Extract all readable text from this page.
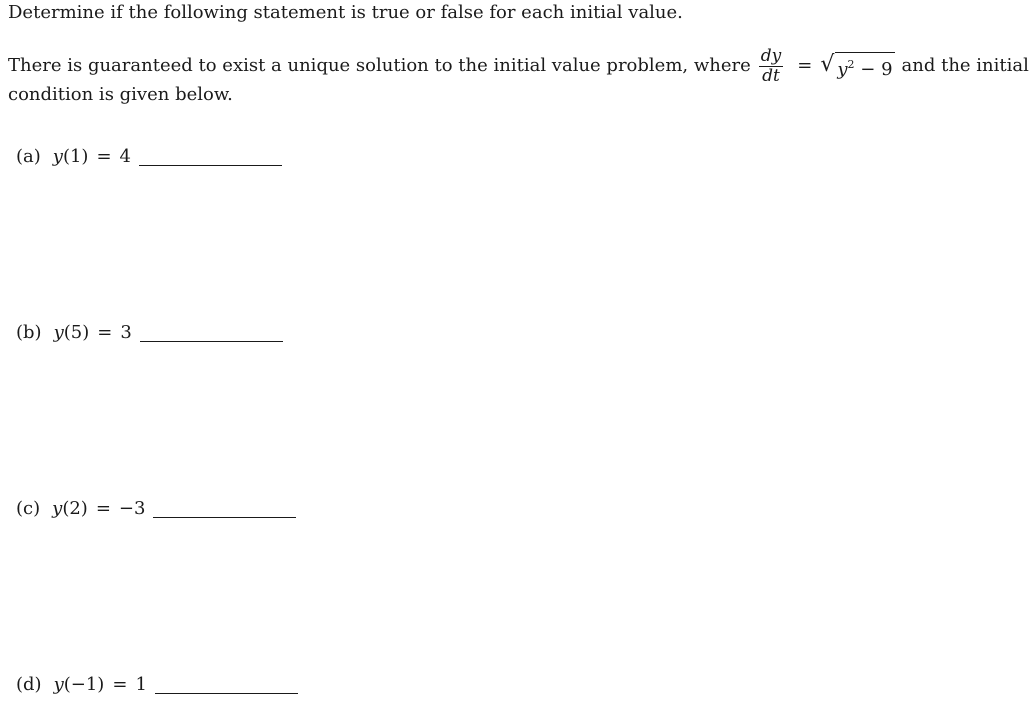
Determine if the following statement is true or false for each initial value.
There is guaranteed to exist a unique solution to the initial value problem, where $\frac{dy}{dt}$ = √ $y^2 - 9$ and the initial
condition is given below.
(a) y (1) = 4
(b) y (5) = 3
(c) y (2) = −3
(d) y (−1) = 1
